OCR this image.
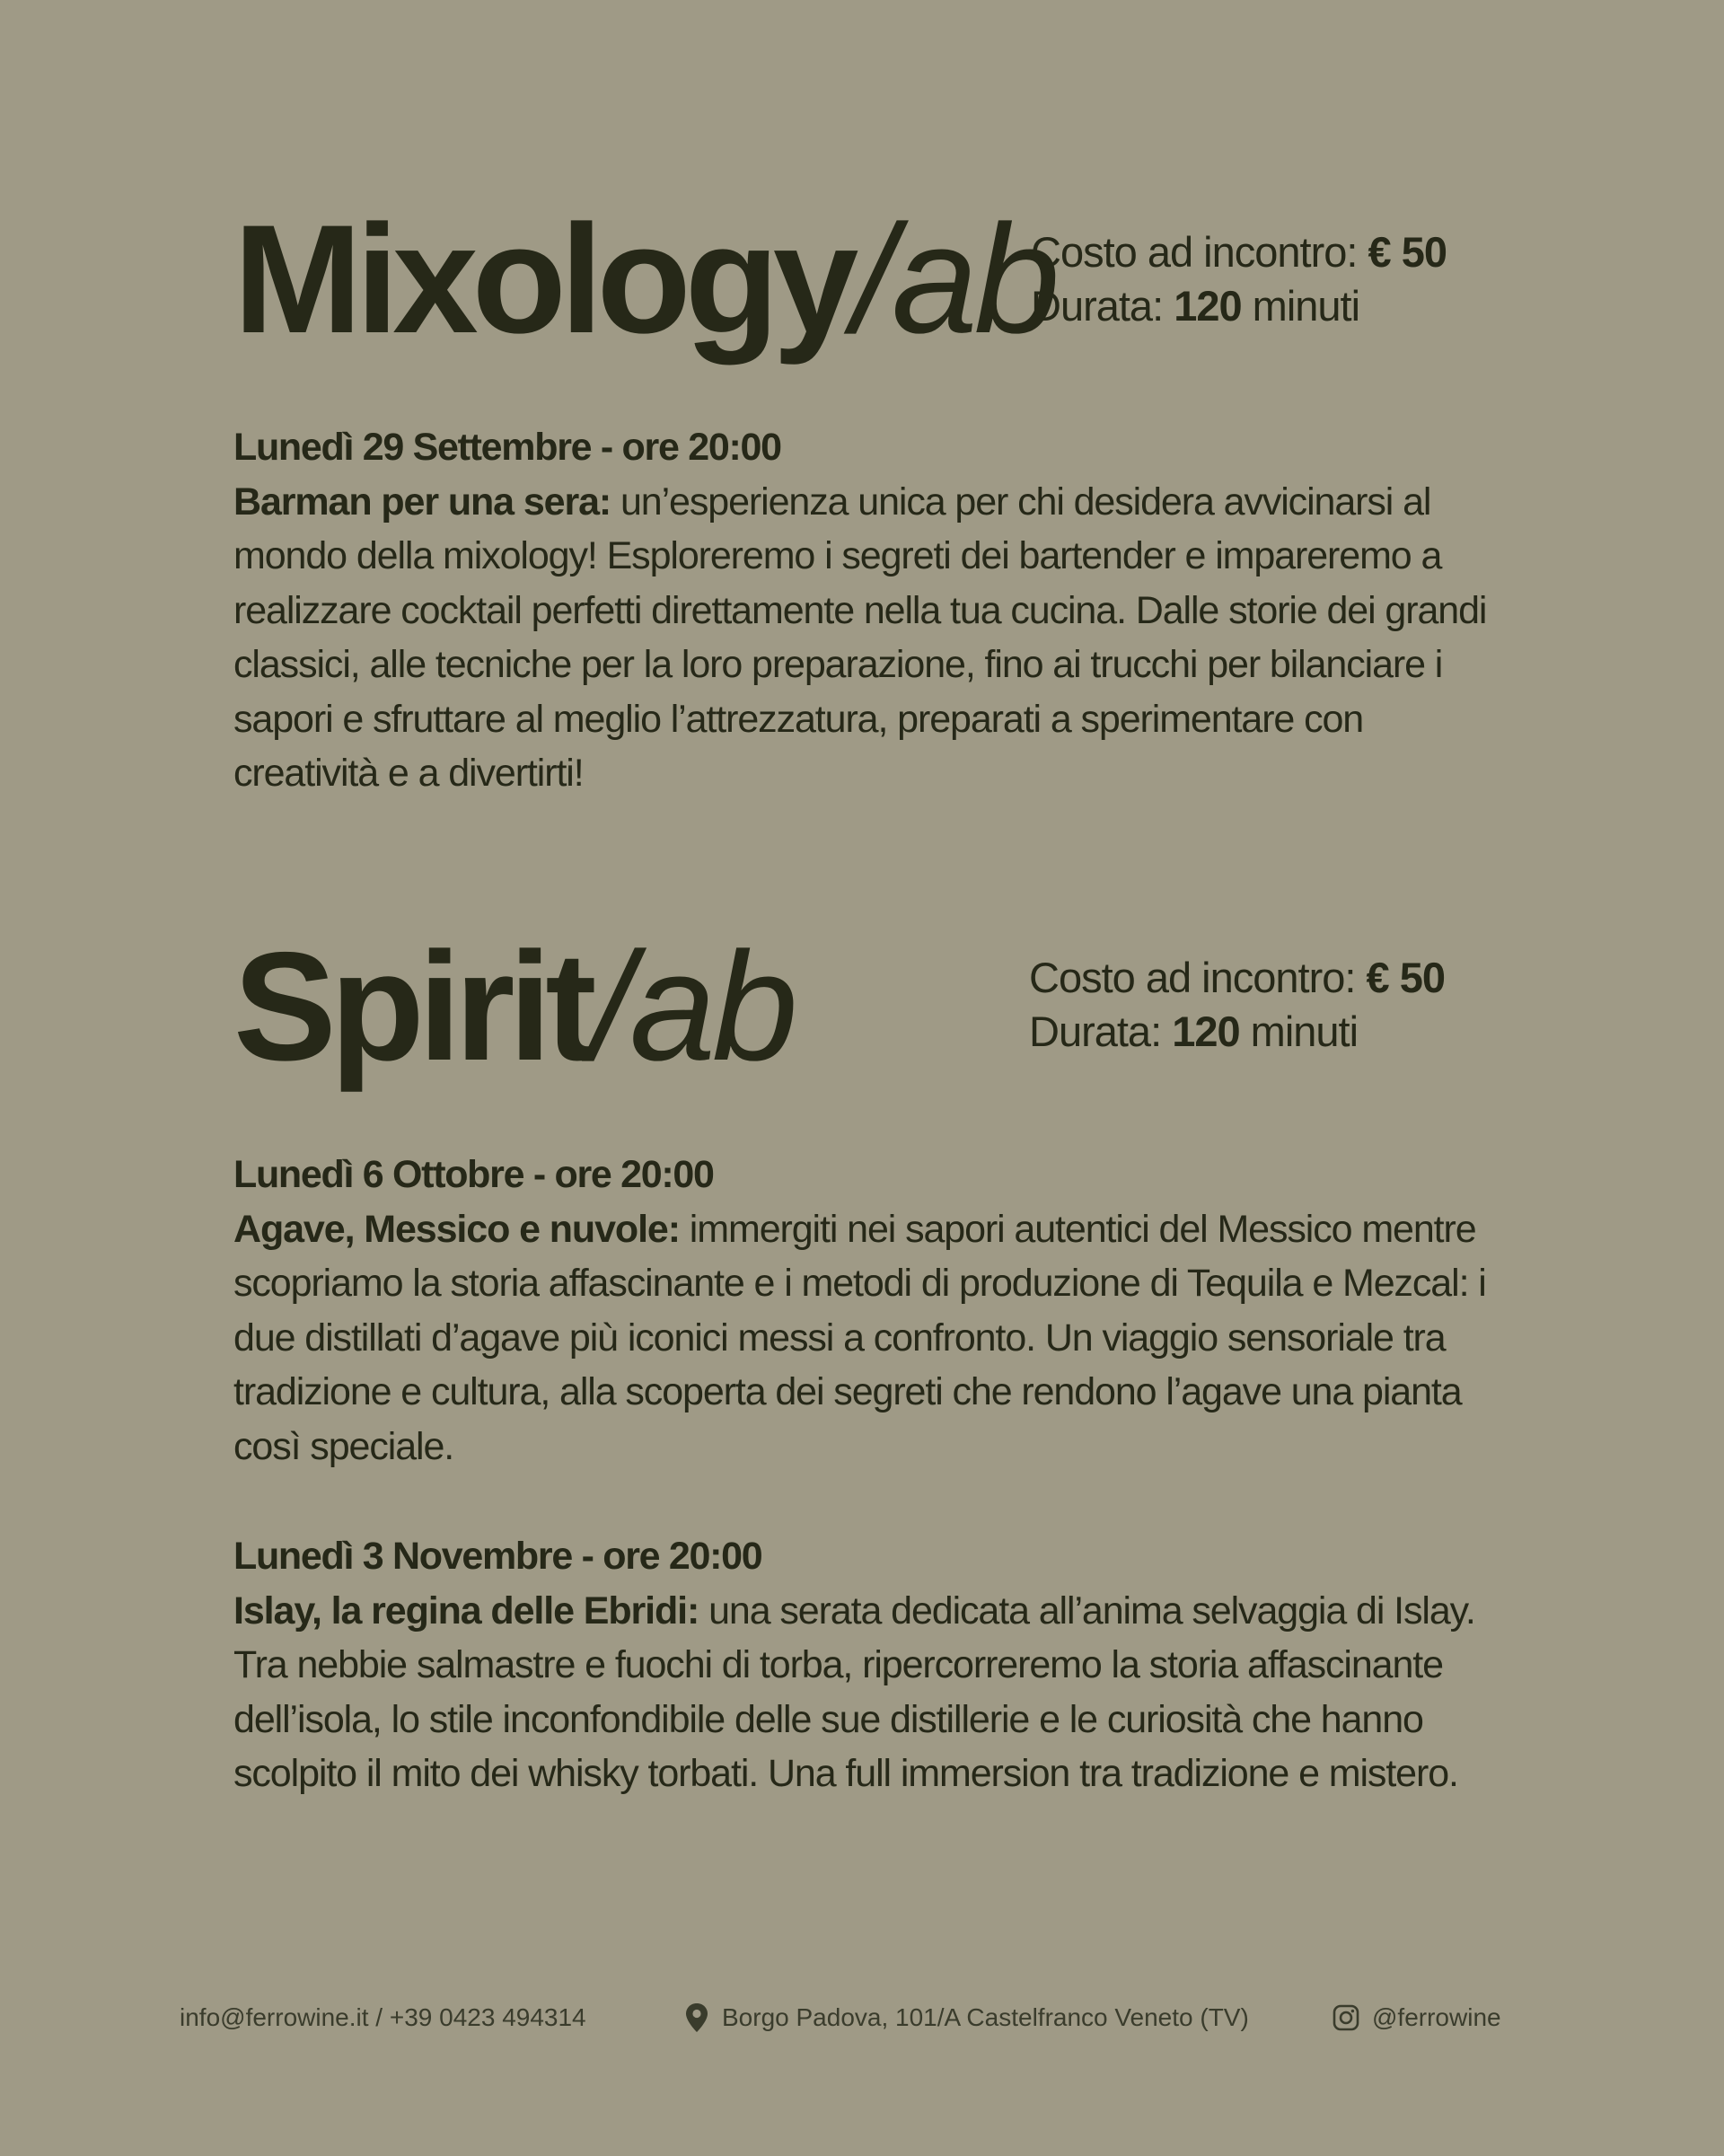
Mixology/ab
Costo ad incontro: € 50
Durata: 120 minuti
Lunedì 29 Settembre - ore 20:00
Barman per una sera: un’esperienza unica per chi desidera avvicinarsi al mondo della mixology! Esploreremo i segreti dei bartender e impareremo a realizzare cocktail perfetti direttamente nella tua cucina. Dalle storie dei grandi classici, alle tecniche per la loro preparazione, fino ai trucchi per bilanciare i sapori e sfruttare al meglio l’attrezzatura, preparati a sperimentare con creatività e a divertirti!
Spirit/ab	Costo ad incontro: € 50
Durata: 120 minuti
Lunedì 6 Ottobre - ore 20:00
Agave, Messico e nuvole: immergiti nei sapori autentici del Messico mentre scopriamo la storia affascinante e i metodi di produzione di Tequila e Mezcal: i due distillati d’agave più iconici messi a confronto. Un viaggio sensoriale tra tradizione e cultura, alla scoperta dei segreti che rendono l’agave una pianta così speciale.
Lunedì 3 Novembre - ore 20:00
Islay, la regina delle Ebridi: una serata dedicata all’anima selvaggia di Islay. Tra nebbie salmastre e fuochi di torba, ripercorreremo la storia affascinante dell’isola, lo stile inconfondibile delle sue distillerie e le curiosità che hanno scolpito il mito dei whisky torbati. Una full immersion tra tradizione e mistero.
info@ferrowine.it / +39 0423 494314	Borgo Padova, 101/A Castelfranco Veneto (TV)	@ferrowine
